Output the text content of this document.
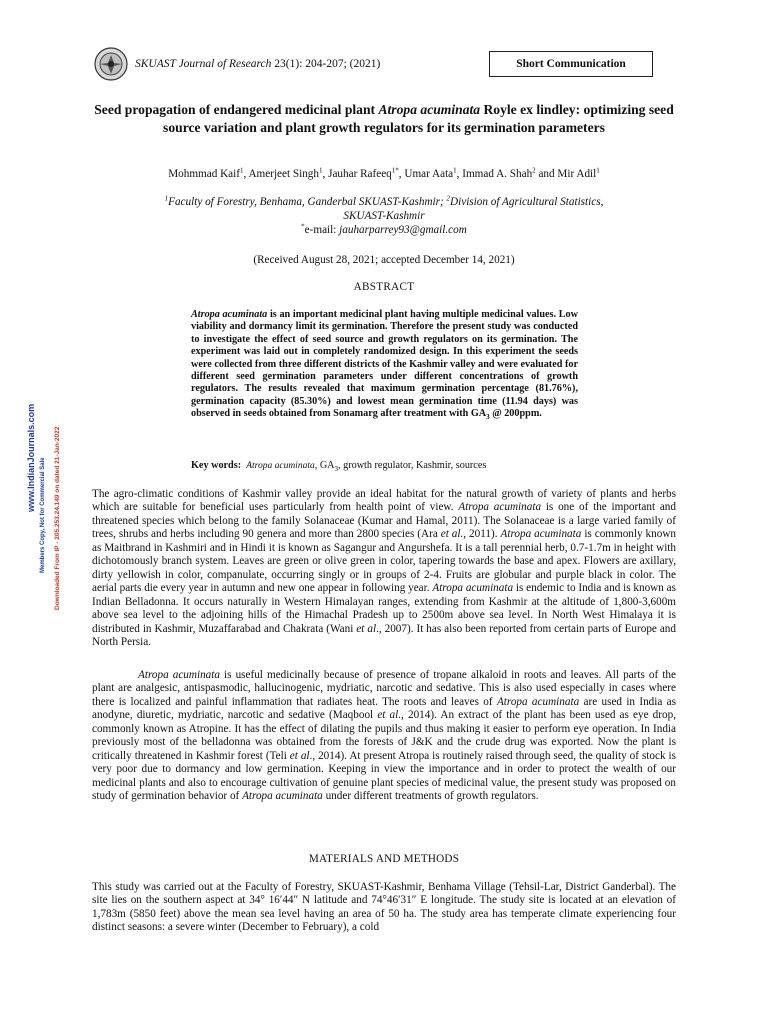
SKUAST Journal of Research 23(1): 204-207; (2021)	Short Communication
Seed propagation of endangered medicinal plant Atropa acuminata Royle ex lindley: optimizing seed source variation and plant growth regulators for its germination parameters
Mohmmad Kaif$^1$, Amerjeet Singh$^1$, Jauhar Rafeeq$^{1*}$, Umar Aata$^1$, Immad A. Shah$^2$ and Mir Adil$^1$
$^1$Faculty of Forestry, Benhama, Ganderbal SKUAST-Kashmir; $^2$Division of Agricultural Statistics, SKUAST-Kashmir
*e-mail: jauharparrey93@gmail.com
(Received August 28, 2021; accepted December 14, 2021)
ABSTRACT
Atropa acuminata is an important medicinal plant having multiple medicinal values. Low viability and dormancy limit its germination. Therefore the present study was conducted to investigate the effect of seed source and growth regulators on its germination. The experiment was laid out in completely randomized design. In this experiment the seeds were collected from three different districts of the Kashmir valley and were evaluated for different seed germination parameters under different concentrations of growth regulators. The results revealed that maximum germination percentage (81.76%), germination capacity (85.30%) and lowest mean germination time (11.94 days) was observed in seeds obtained from Sonamarg after treatment with $GA_3$ @ 200ppm.
Key words: Atropa acuminata, $GA_3$, growth regulator, Kashmir, sources
www.IndianJournals.com Members Copy, Not for Commercial Sale Downloaded From IP - 205.253.24.149 on dated 21-Jan-2022	The agro-climatic conditions of Kashmir valley provide an ideal habitat for the natural growth of variety of plants and herbs which are suitable for beneficial uses particularly from health point of view. Atropa acuminata is one of the important and threatened species which belong to the family Solanaceae (Kumar and Hamal, 2011). The Solanaceae is a large varied family of trees, shrubs and herbs including 90 genera and more than 2800 species (Ara et al., 2011). Atropa acuminata is commonly known as Maitbrand in Kashmiri and in Hindi it is known as Sagangur and Angurshefa. It is a tall perennial herb, 0.7-1.7m in height with dichotomously branch system. Leaves are green or olive green in color, tapering towards the base and apex. Flowers are axillary, dirty yellowish in color, companulate, occurring singly or in groups of 2-4. Fruits are globular and purple black in color. The aerial parts die every year in autumn and new one appear in following year. Atropa acuminata is endemic to India and is known as Indian Belladonna. It occurs naturally in Western Himalayan ranges, extending from Kashmir at the altitude of 1,800-3,600m above sea level to the adjoining hills of the Himachal Pradesh up to 2500m above sea level. In North West Himalaya it is distributed in Kashmir, Muzaffarabad and Chakrata (Wani et al., 2007). It has also been reported from certain parts of Europe and North Persia.
Atropa acuminata is useful medicinally because of presence of tropane alkaloid in roots and leaves. All parts of the plant are analgesic, antispasmodic, hallucinogenic, mydriatic, narcotic and sedative. This is also used especially in cases where there is localized and painful inflammation that radiates heat. The roots and leaves of Atropa acuminata are used in India as anodyne, diuretic, mydriatic, narcotic and sedative (Maqbool et al., 2014). An extract of the plant has been used as eye drop, commonly known as Atropine. It has the effect of dilating the pupils and thus making it easier to perform eye operation. In India previously most of the belladonna was obtained from the forests of J&K and the crude drug was exported. Now the plant is critically threatened in Kashmir forest (Teli et al., 2014). At present Atropa is routinely raised through seed, the quality of stock is very poor due to dormancy and low germination. Keeping in view the importance and in order to protect the wealth of our medicinal plants and also to encourage cultivation of genuine plant species of medicinal value, the present study was proposed on study of germination behavior of Atropa acuminata under different treatments of growth regulators.
MATERIALS AND METHODS
This study was carried out at the Faculty of Forestry, SKUAST-Kashmir, Benhama Village (Tehsil-Lar, District Ganderbal). The site lies on the southern aspect at 34° 16′44″ N latitude and 74°46′31″ E longitude. The study site is located at an elevation of 1,783m (5850 feet) above the mean sea level having an area of 50 ha. The study area has temperate climate experiencing four distinct seasons: a severe winter (December to February), a cold
